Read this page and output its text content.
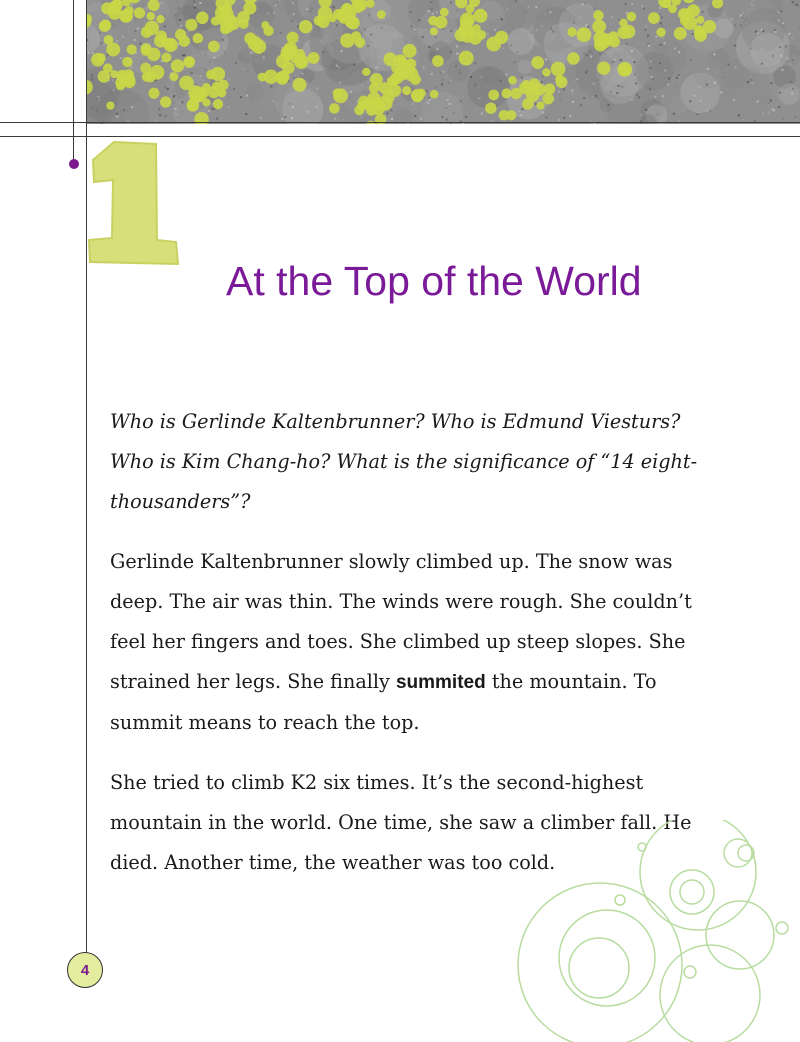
At the Top of the World

Who is Gerlinde Kaltenbrunner? Who is Edmund Viesturs? Who is Kim Chang-ho? What is the significance of “14 eight-thousanders”?

Gerlinde Kaltenbrunner slowly climbed up. The snow was deep. The air was thin. The winds were rough. She couldn’t feel her fingers and toes. She climbed up steep slopes. She strained her legs. She finally summited the mountain. To summit means to reach the top.

She tried to climb K2 six times. It’s the second-highest mountain in the world. One time, she saw a climber fall. He died. Another time, the weather was too cold.

4
